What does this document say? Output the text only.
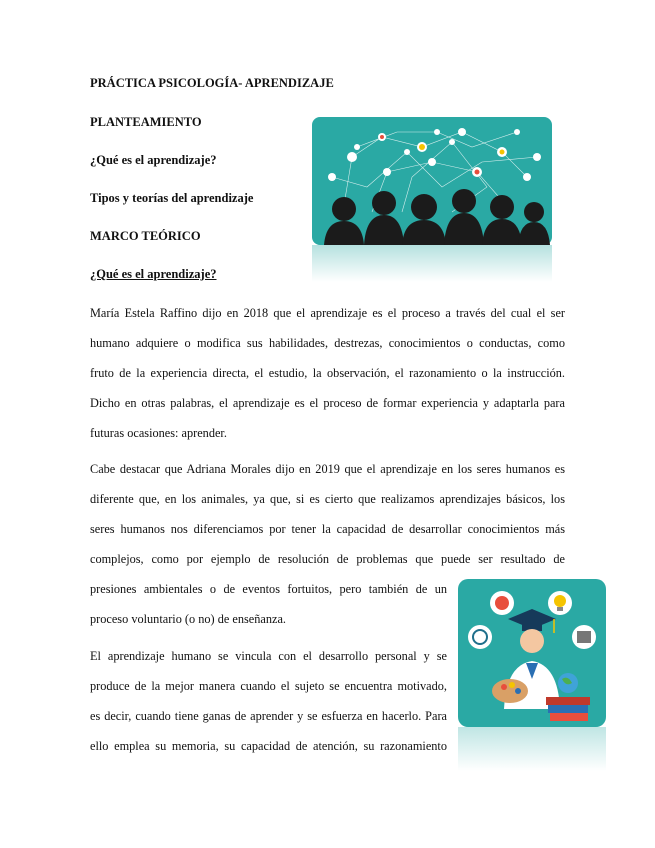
PRÁCTICA PSICOLOGÍA- APRENDIZAJE
PLANTEAMIENTO
¿Qué es el aprendizaje?
Tipos y teorías del aprendizaje
MARCO TEÓRICO
¿Qué es el aprendizaje?
María Estela Raffino dijo en 2018 que el aprendizaje es el proceso a través del cual el ser
humano adquiere o modifica sus habilidades, destrezas, conocimientos o conductas, como
fruto de la experiencia directa, el estudio, la observación, el razonamiento o la instrucción.
Dicho en otras palabras, el aprendizaje es el proceso de formar experiencia y adaptarla para
futuras ocasiones: aprender.
Cabe destacar que Adriana Morales dijo en 2019 que el aprendizaje en los seres humanos es
diferente que, en los animales, ya que, si es cierto que realizamos aprendizajes básicos, los
seres humanos nos diferenciamos por tener la capacidad de desarrollar conocimientos más
complejos, como por ejemplo de resolución de problemas que puede ser resultado de
presiones ambientales o de eventos fortuitos, pero también de un
proceso voluntario (o no) de enseñanza.
El aprendizaje humano se vincula con el desarrollo personal y se
produce de la mejor manera cuando el sujeto se encuentra motivado,
es decir, cuando tiene ganas de aprender y se esfuerza en hacerlo. Para
ello emplea su memoria, su capacidad de atención, su razonamiento
